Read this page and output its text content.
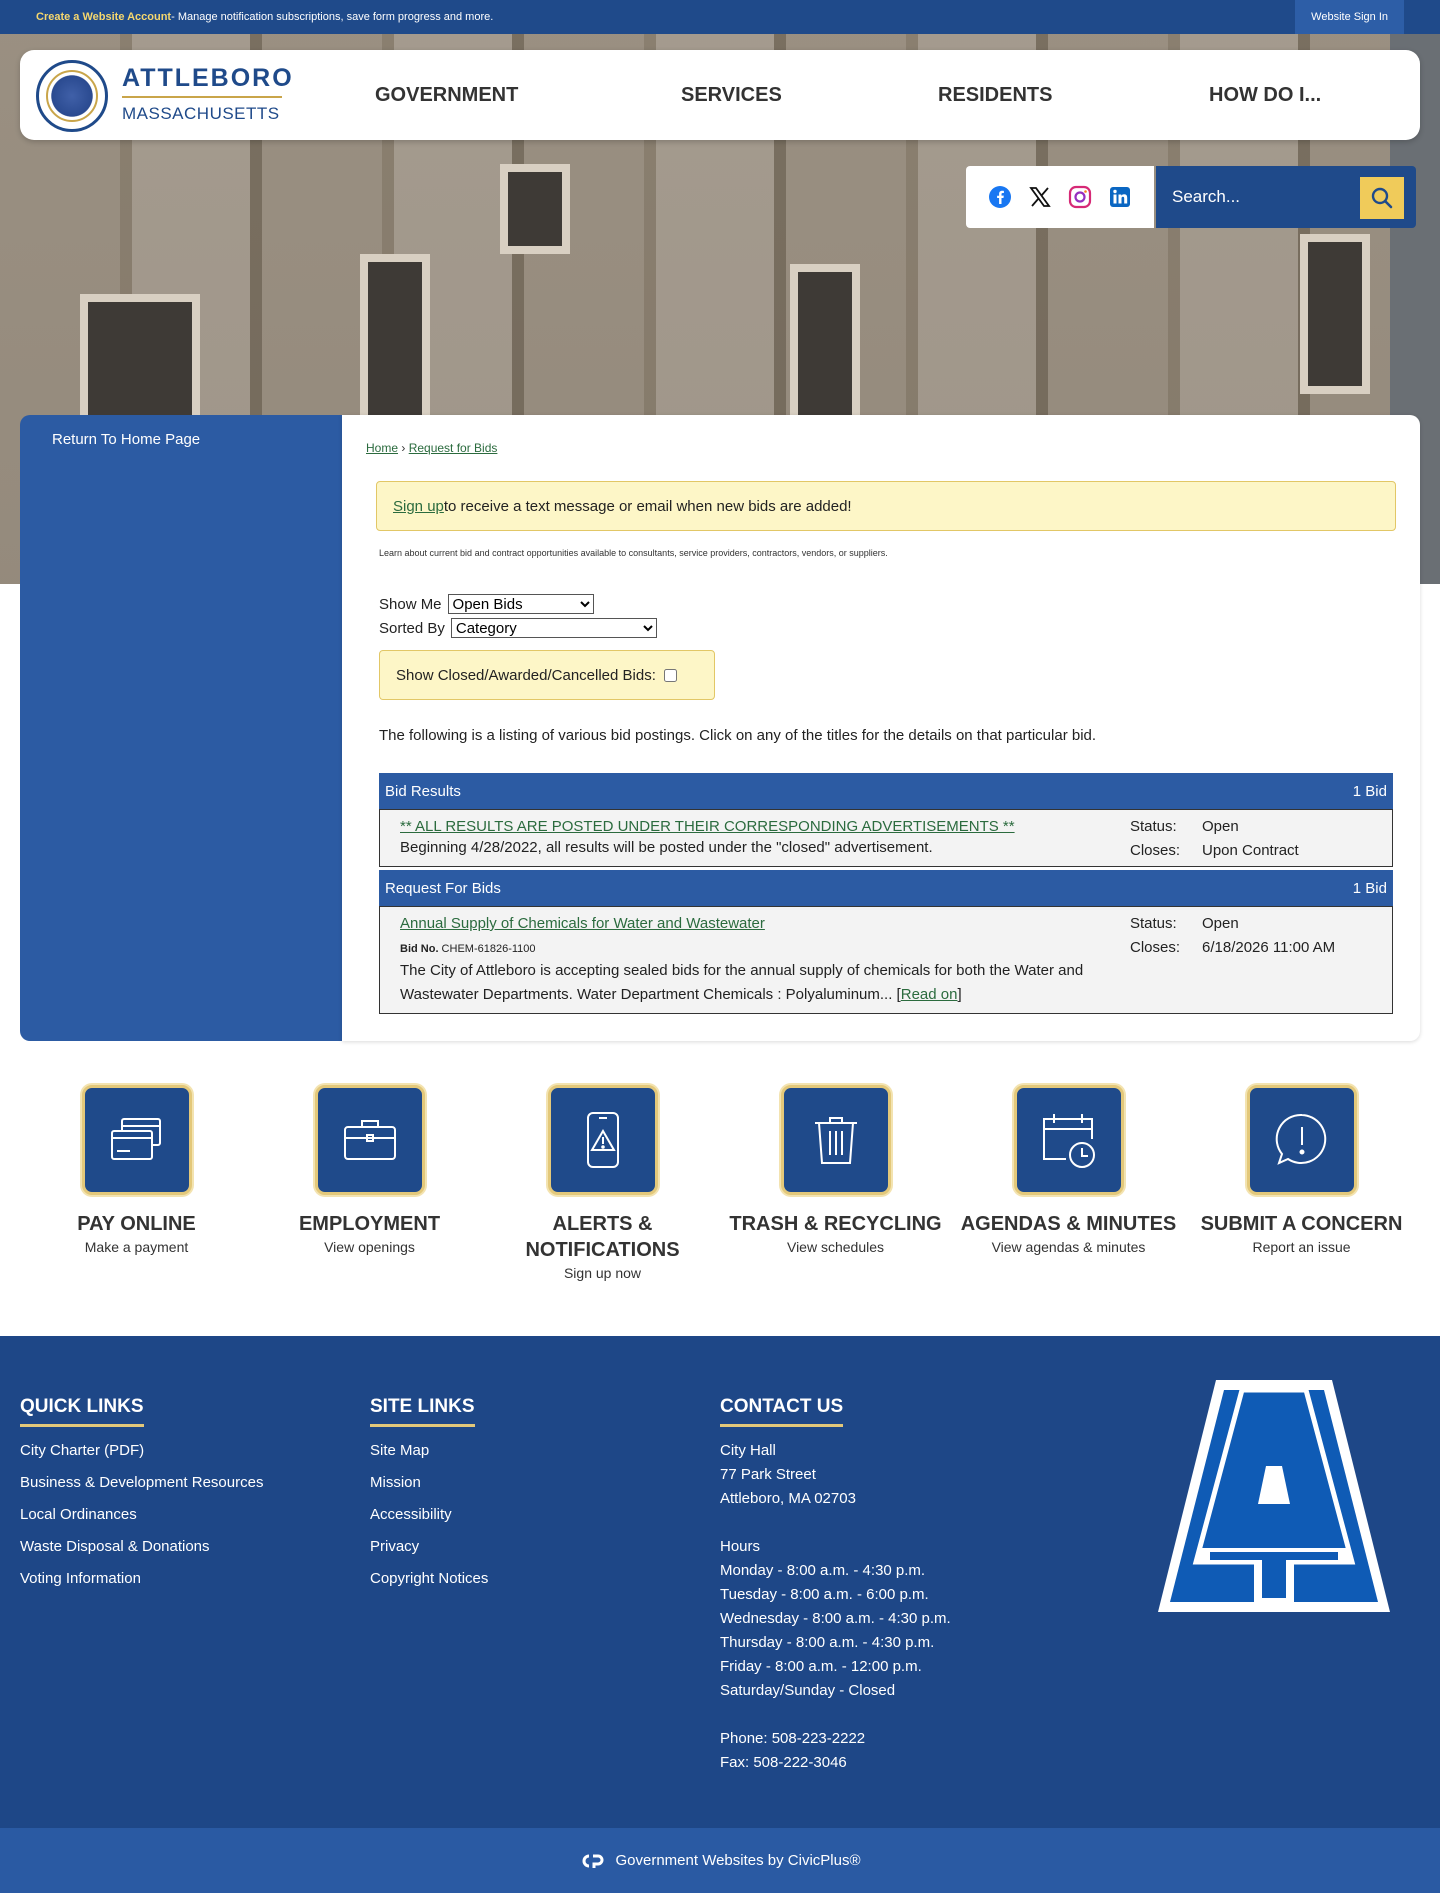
Create a Website Account - Manage notification subscriptions, save form progress and more.	Website Sign In
ATTLEBORO
MASSACHUSETTS
GOVERNMENT	SERVICES	RESIDENTS	HOW DO I...
Search...
Return To Home Page	Home › Request for Bids
Sign up to receive a text message or email when new bids are added!
Learn about current bid and contract opportunities available to consultants, service providers, contractors, vendors, or suppliers.
Show Me
Open Bids
Sorted By
Category
Show Closed/Awarded/Cancelled Bids:
The following is a listing of various bid postings. Click on any of the titles for the details on that particular bid.
Bid Results	1 Bid
** ALL RESULTS ARE POSTED UNDER THEIR CORRESPONDING ADVERTISEMENTS **
Beginning 4/28/2022, all results will be posted under the "closed" advertisement.
Status: Open
Closes: Upon Contract
Request For Bids	1 Bid
Annual Supply of Chemicals for Water and Wastewater
Bid No. CHEM-61826-1100
The City of Attleboro is accepting sealed bids for the annual supply of chemicals for both the Water and Wastewater Departments. Water Department Chemicals : Polyaluminum... [Read on]
Status: Open
Closes: 6/18/2026 11:00 AM
PAY ONLINE
Make a payment
EMPLOYMENT
View openings
ALERTS & NOTIFICATIONS
Sign up now
TRASH & RECYCLING
View schedules
AGENDAS & MINUTES
View agendas & minutes
SUBMIT A CONCERN
Report an issue
QUICK LINKS
City Charter (PDF)
Business & Development Resources
Local Ordinances
Waste Disposal & Donations
Voting Information
SITE LINKS
Site Map
Mission
Accessibility
Privacy
Copyright Notices
CONTACT US
City Hall
77 Park Street
Attleboro, MA 02703
Hours
Monday - 8:00 a.m. - 4:30 p.m.
Tuesday - 8:00 a.m. - 6:00 p.m.
Wednesday - 8:00 a.m. - 4:30 p.m.
Thursday - 8:00 a.m. - 4:30 p.m.
Friday - 8:00 a.m. - 12:00 p.m.
Saturday/Sunday - Closed
Phone: 508-223-2222
Fax: 508-222-3046
Government Websites by CivicPlus®
